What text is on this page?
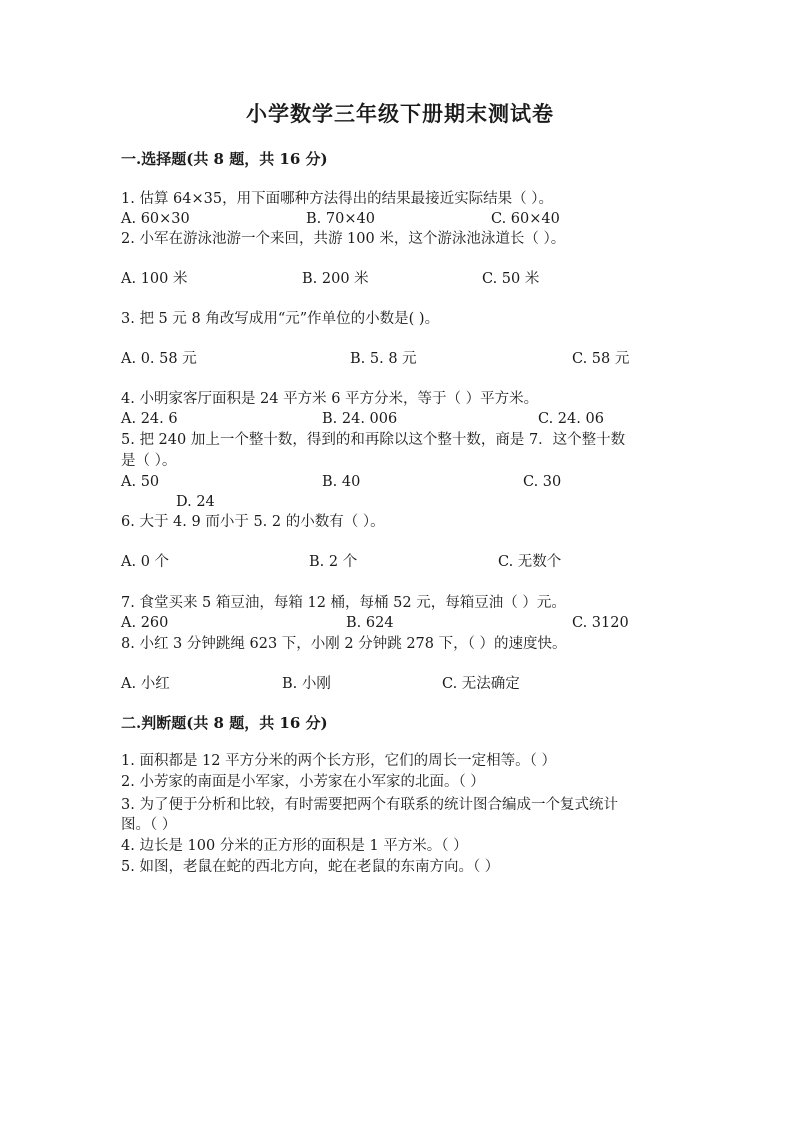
小学数学三年级下册期末测试卷
一.选择题(共 8 题，共 16 分)
1. 估算 64×35，用下面哪种方法得出的结果最接近实际结果（ ）。
A. 60×30	B. 70×40	C. 60×40
2. 小军在游泳池游一个来回，共游 100 米，这个游泳池泳道长（ ）。
A. 100 米	B. 200 米	C. 50 米
3. 把 5 元 8 角改写成用“元”作单位的小数是( )。
A. 0. 58 元	B. 5. 8 元	C. 58 元
4. 小明家客厅面积是 24 平方米 6 平方分米，等于（ ）平方米。
A. 24. 6	B. 24. 006	C. 24. 06
5. 把 240 加上一个整十数，得到的和再除以这个整十数，商是 7．这个整十数
是（ ）。
A. 50	B. 40	C. 30
D. 24
6. 大于 4. 9 而小于 5. 2 的小数有（ ）。
A. 0 个	B. 2 个	C. 无数个
7. 食堂买来 5 箱豆油，每箱 12 桶，每桶 52 元，每箱豆油（ ）元。
A. 260	B. 624	C. 3120
8. 小红 3 分钟跳绳 623 下，小刚 2 分钟跳 278 下，（ ）的速度快。
A. 小红	B. 小刚	C. 无法确定
二.判断题(共 8 题，共 16 分)
1. 面积都是 12 平方分米的两个长方形，它们的周长一定相等。（ ）
2. 小芳家的南面是小军家，小芳家在小军家的北面。（ ）
3. 为了便于分析和比较，有时需要把两个有联系的统计图合编成一个复式统计
图。（ ）
4. 边长是 100 分米的正方形的面积是 1 平方米。（ ）
5. 如图，老鼠在蛇的西北方向，蛇在老鼠的东南方向。（ ）
